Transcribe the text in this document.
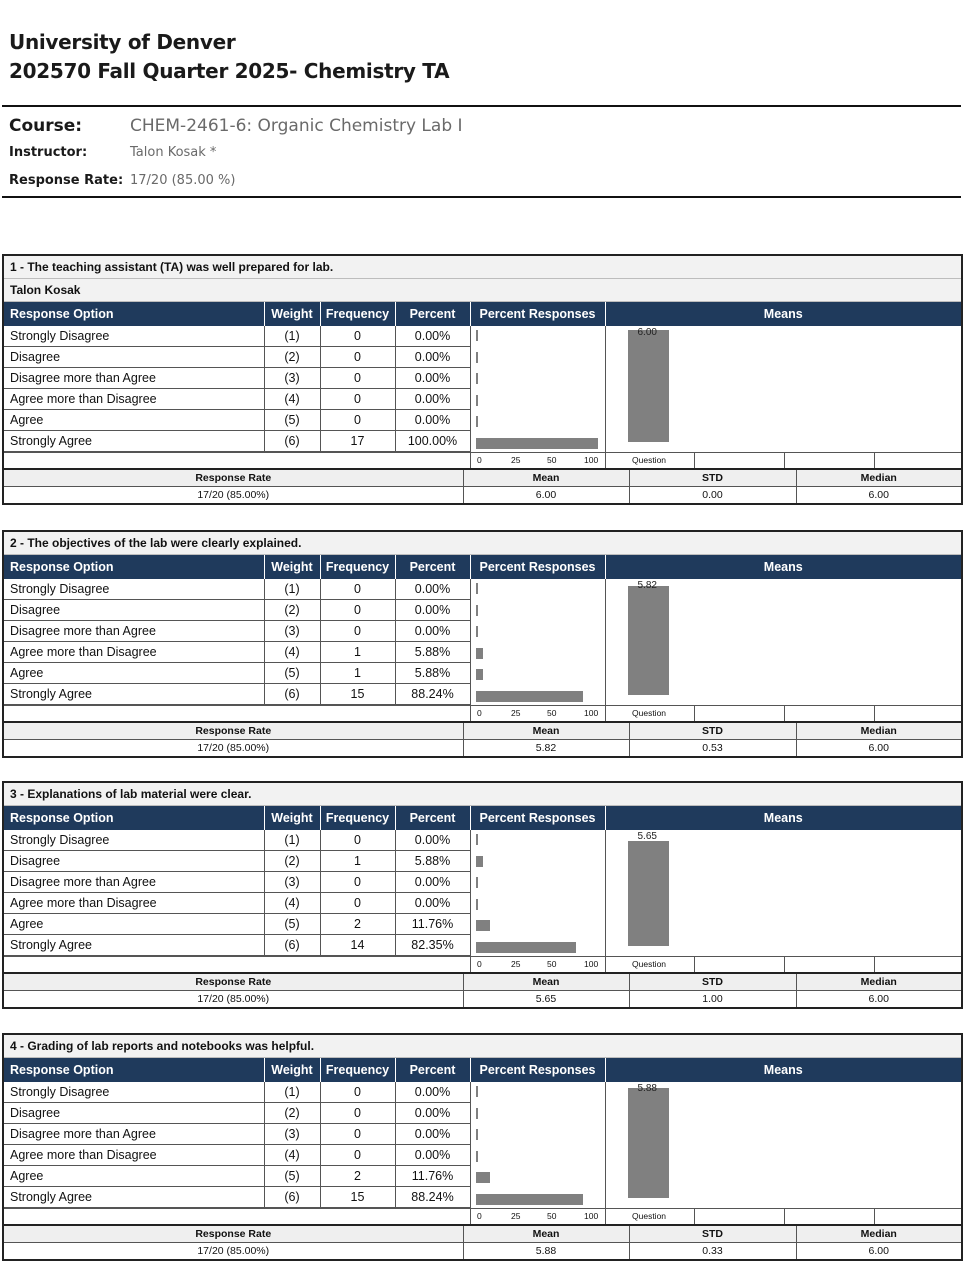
University of Denver
202570 Fall Quarter 2025- Chemistry TA
Course:	CHEM-2461-6: Organic Chemistry Lab I
Instructor:	Talon Kosak *
Response Rate: 17/20 (85.00 %)
1 - The teaching assistant (TA) was well prepared for lab.
Talon Kosak
Response Option	Weight	Frequency	Percent	Percent Responses	Means
Strongly Disagree	(1)	0	0.00%		6.00

Disagree	(2)	0	0.00%		
Disagree more than Agree	(3)	0	0.00%		
Agree more than Disagree	(4)	0	0.00%		
Agree	(5)	0	0.00%		
Strongly Agree	(6)	17	100.00%		
0	25	50	100	Question
Response Rate	Mean	STD	Median
17/20 (85.00%)	6.00	0.00	6.00
2 - The objectives of the lab were clearly explained.
Response Option	Weight	Frequency	Percent	Percent Responses	Means
Strongly Disagree	(1)	0	0.00%		5.82

Disagree	(2)	0	0.00%		
Disagree more than Agree	(3)	0	0.00%		
Agree more than Disagree	(4)	1	5.88%		
Agree	(5)	1	5.88%		
Strongly Agree	(6)	15	88.24%		
0	25	50	100	Question
Response Rate	Mean	STD	Median
17/20 (85.00%)	5.82	0.53	6.00
3 - Explanations of lab material were clear.
Response Option	Weight	Frequency	Percent	Percent Responses	Means
Strongly Disagree	(1)	0	0.00%		5.65

Disagree	(2)	1	5.88%		
Disagree more than Agree	(3)	0	0.00%		
Agree more than Disagree	(4)	0	0.00%		
Agree	(5)	2	11.76%		
Strongly Agree	(6)	14	82.35%		
0	25	50	100	Question
Response Rate	Mean	STD	Median
17/20 (85.00%)	5.65	1.00	6.00
4 - Grading of lab reports and notebooks was helpful.
Response Option	Weight	Frequency	Percent	Percent Responses	Means
Strongly Disagree	(1)	0	0.00%		5.88

Disagree	(2)	0	0.00%		
Disagree more than Agree	(3)	0	0.00%		
Agree more than Disagree	(4)	0	0.00%		
Agree	(5)	2	11.76%		
Strongly Agree	(6)	15	88.24%		
0	25	50	100	Question
Response Rate	Mean	STD	Median
17/20 (85.00%)	5.88	0.33	6.00
